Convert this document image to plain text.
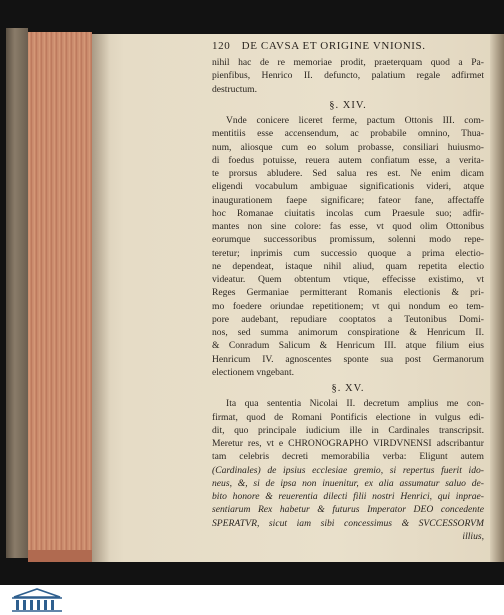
120 DE CAVSA ET ORIGINE VNIONIS.
nihil hac de re memoriae prodit, praeterquam quod a Pa-
pienfibus, Henrico II. defuncto, palatium regale adfirmet
destructum.
§. XIV.
Vnde conicere liceret ferme, pactum Ottonis III. com-
mentitiis esse accensendum, ac probabile omnino, Thua-
num, aliosque cum eo solum probasse, consiliari huiusmo-
di foedus potuisse, reuera autem confiatum esse, a verita-
te prorsus abludere. Sed salua res est. Ne enim dicam
eligendi vocabulum ambiguae significationis videri, atque
inaugurationem faepe significare; fateor fane, affectaffe
hoc Romanae ciuitatis incolas cum Praesule suo; adfir-
mantes non sine colore: fas esse, vt quod olim Ottonibus
eorumque successoribus promissum, solenni modo repe-
teretur; inprimis cum successio quoque a prima electio-
ne dependeat, istaque nihil aliud, quam repetita electio
videatur. Quem obtentum vtique, effecisse existimo, vt
Reges Germaniae permitterant Romanis electionis & pri-
mo foedere oriundae repetitionem; vt qui nondum eo tem-
pore audebant, repudiare cooptatos a Teutonibus Domi-
nos, sed summa animorum conspiratione & Henricum II.
& Conradum Salicum & Henricum III. atque filium eius
Henricum IV. agnoscentes sponte sua post Germanorum
electionem vngebant.
§. XV.
Ita qua sententia Nicolai II. decretum amplius me con-
firmat, quod de Romani Pontificis electione in vulgus edi-
dit, quo principale iudicium ille in Cardinales transcripsit.
Meretur res, vt e CHRONOGRAPHO VIRDVNENSI adscribantur
tam celebris decreti memorabilia verba: Eligunt autem
(Cardinales) de ipsius ecclesiae gremio, si repertus fuerit ido-
neus, &, si de ipsa non inuenitur, ex alia assumatur saluo de-
bito honore & reuerentia dilecti filii nostri Henrici, qui inprae-
sentiarum Rex habetur & futurus Imperator DEO concedente
SPERATVR, sicut iam sibi concessimus & SVCCESSORVM
illius,
